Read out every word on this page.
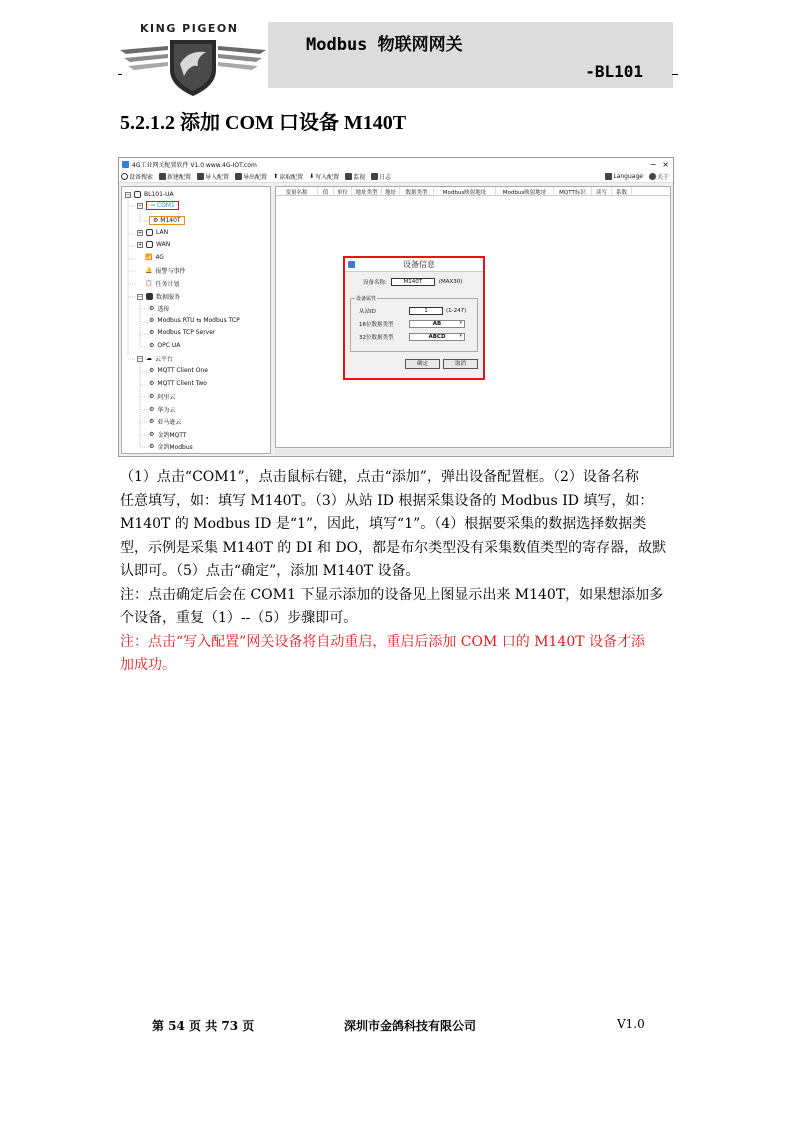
KING PIGEON
Modbus 物联网网关
-BL101
5.2.1.2 添加 COM 口设备 M140T
4G工业网关配置软件 V1.0 www.4G-IOT.com	− ×
设备搜索 新建配置 导入配置 导出配置 ⬆ 读取配置 ⬇ 写入配置 监视 日志	Language 关于
− BL101-UA
−	⊸ COM1
⚙ M140T
+ LAN
+ WAN
📶 4G
🔔 报警与事件
📋 任务计划
− 数据服务
⚙ 透传
⚙ Modbus RTU ⇆ Modbus TCP
⚙ Modbus TCP Server
⚙ OPC UA
− ☁ 云平台
⚙ MQTT Client One
⚙ MQTT Client Two
⚙ 阿里云
⚙ 华为云
⚙ 亚马逊云
⚙ 金鸽MQTT
⚙ 金鸽Modbus
变量名称	值	单位	地址类型	地址	数据类型	Modbus映射地址	Modbus映射地址	MQTT标识	读写	系数
设备信息
设备名称:	M140T	(MAX30)
设备属性
从站ID	1	(1-247)
16位数据类型	AB ▾
32位数据类型	ABCD ▾
确定	取消
（1）点击“COM1”，点击鼠标右键，点击“添加”，弹出设备配置框。（2）设备名称
任意填写，如：填写 M140T。（3）从站 ID 根据采集设备的 Modbus ID 填写，如：
M140T 的 Modbus ID 是“1”，因此，填写“1”。（4）根据要采集的数据选择数据类
型，示例是采集 M140T 的 DI 和 DO，都是布尔类型没有采集数值类型的寄存器，故默
认即可。（5）点击“确定”，添加 M140T 设备。
注：点击确定后会在 COM1 下显示添加的设备见上图显示出来 M140T，如果想添加多
个设备，重复（1）--（5）步骤即可。
注：点击“写入配置”网关设备将自动重启，重启后添加 COM 口的 M140T 设备才添
加成功。
第 54 页 共 73 页	深圳市金鸽科技有限公司	V1.0
